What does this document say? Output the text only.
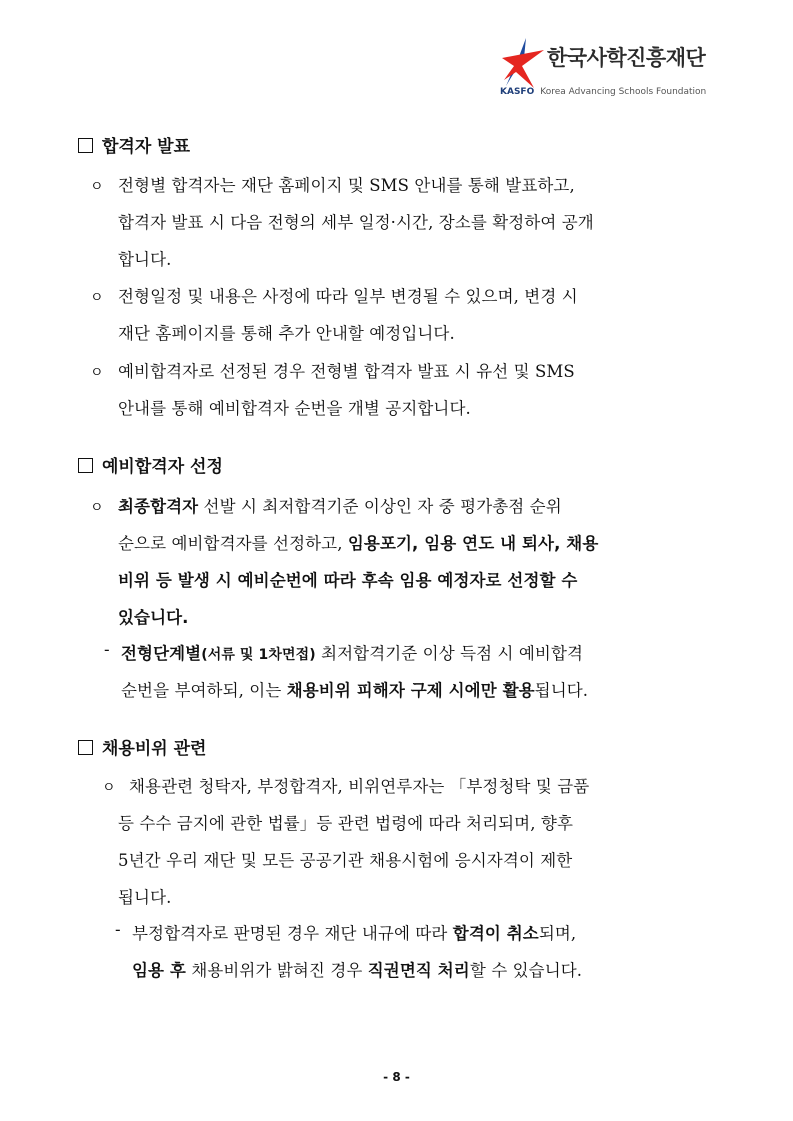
한국사학진흥재단
KASFO Korea Advancing Schools Foundation
합격자 발표
ㅇ 전형별 합격자는 재단 홈페이지 및 SMS 안내를 통해 발표하고,
합격자 발표 시 다음 전형의 세부 일정·시간, 장소를 확정하여 공개
합니다.
ㅇ 전형일정 및 내용은 사정에 따라 일부 변경될 수 있으며, 변경 시
재단 홈페이지를 통해 추가 안내할 예정입니다.
ㅇ 예비합격자로 선정된 경우 전형별 합격자 발표 시 유선 및 SMS
안내를 통해 예비합격자 순번을 개별 공지합니다.
예비합격자 선정
ㅇ 최종합격자 선발 시 최저합격기준 이상인 자 중 평가총점 순위
순으로 예비합격자를 선정하고, 임용포기, 임용 연도 내 퇴사, 채용
비위 등 발생 시 예비순번에 따라 후속 임용 예정자로 선정할 수
있습니다.
- 전형단계별(서류 및 1차면접) 최저합격기준 이상 득점 시 예비합격
순번을 부여하되, 이는 채용비위 피해자 구제 시에만 활용됩니다.
채용비위 관련
ㅇ 채용관련 청탁자, 부정합격자, 비위연루자는 「부정청탁 및 금품
등 수수 금지에 관한 법률」등 관련 법령에 따라 처리되며, 향후
5년간 우리 재단 및 모든 공공기관 채용시험에 응시자격이 제한
됩니다.
- 부정합격자로 판명된 경우 재단 내규에 따라 합격이 취소되며,
임용 후 채용비위가 밝혀진 경우 직권면직 처리할 수 있습니다.
- 8 -
